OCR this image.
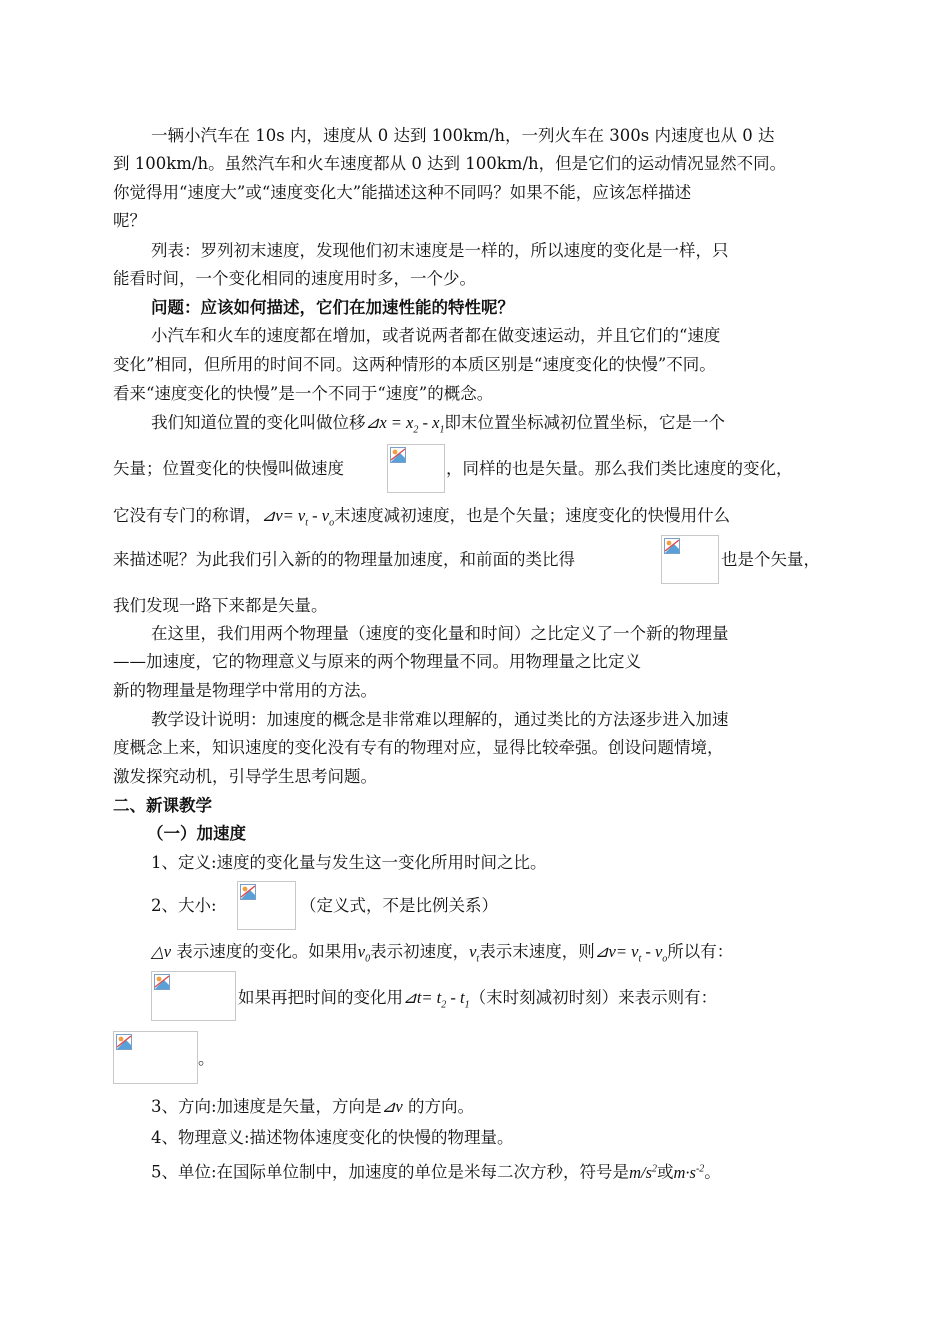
一辆小汽车在 10s 内，速度从 0 达到 100km/h，一列火车在 300s 内速度也从 0 达
到 100km/h。虽然汽车和火车速度都从 0 达到 100km/h，但是它们的运动情况显然不同。
你觉得用“速度大”或“速度变化大”能描述这种不同吗？如果不能，应该怎样描述
呢？
列表：罗列初末速度，发现他们初末速度是一样的，所以速度的变化是一样，只
能看时间，一个变化相同的速度用时多，一个少。
问题：应该如何描述，它们在加速性能的特性呢？
小汽车和火车的速度都在增加，或者说两者都在做变速运动，并且它们的“速度
变化”相同，但所用的时间不同。这两种情形的本质区别是“速度变化的快慢”不同。
看来“速度变化的快慢”是一个不同于“速度”的概念。
我们知道位置的变化叫做位移⊿x = $x_2 - x_1$即末位置坐标减初位置坐标，它是一个
矢量；位置变化的快慢叫做速度	，同样的也是矢量。那么我们类比速度的变化，
它没有专门的称谓，⊿v= $v_t - v_o$末速度减初速度，也是个矢量；速度变化的快慢用什么
来描述呢？为此我们引入新的的物理量加速度，和前面的类比得	也是个矢量，
我们发现一路下来都是矢量。
在这里，我们用两个物理量（速度的变化量和时间）之比定义了一个新的物理量
——加速度，它的物理意义与原来的两个物理量不同。用物理量之比定义
新的物理量是物理学中常用的方法。
教学设计说明：加速度的概念是非常难以理解的，通过类比的方法逐步进入加速
度概念上来，知识速度的变化没有专有的物理对应，显得比较牵强。创设问题情境，
激发探究动机，引导学生思考问题。
二、新课教学
（一）加速度
1、定义:速度的变化量与发生这一变化所用时间之比。
2、大小:	（定义式，不是比例关系）
△v 表示速度的变化。如果用$v_0$表示初速度，$v_t$表示末速度，则⊿v= $v_t - v_o$所以有：
如果再把时间的变化用⊿t= $t_2 - t_1$（末时刻减初时刻）来表示则有：
。
3、方向:加速度是矢量，方向是⊿v 的方向。
4、物理意义:描述物体速度变化的快慢的物理量。
5、单位:在国际单位制中，加速度的单位是米每二次方秒，符号是$m/s^2$或$m\cdot s^{-2}$。
